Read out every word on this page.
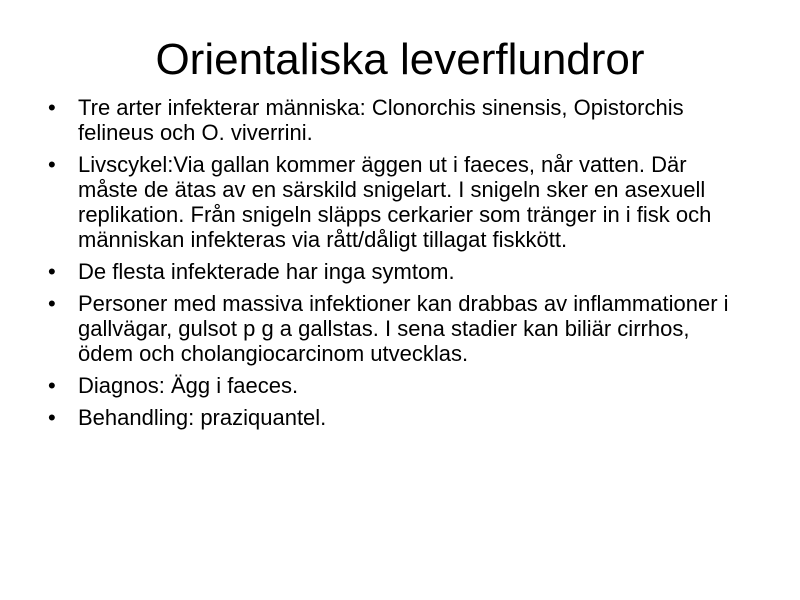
Orientaliska leverflundror
•	Tre arter infekterar människa: Clonorchis sinensis, Opistorchis felineus och O. viverrini.
•	Livscykel:Via gallan kommer äggen ut i faeces, når vatten. Där måste de ätas av en särskild snigelart. I snigeln sker en asexuell replikation. Från snigeln släpps cerkarier som tränger in i fisk och människan infekteras via rått/dåligt tillagat fiskkött.
•	De flesta infekterade har inga symtom.
•	Personer med massiva infektioner kan drabbas av inflammationer i gallvägar, gulsot p g a gallstas. I sena stadier kan biliär cirrhos, ödem och cholangiocarcinom utvecklas.
•	Diagnos: Ägg i faeces.
•	Behandling: praziquantel.
